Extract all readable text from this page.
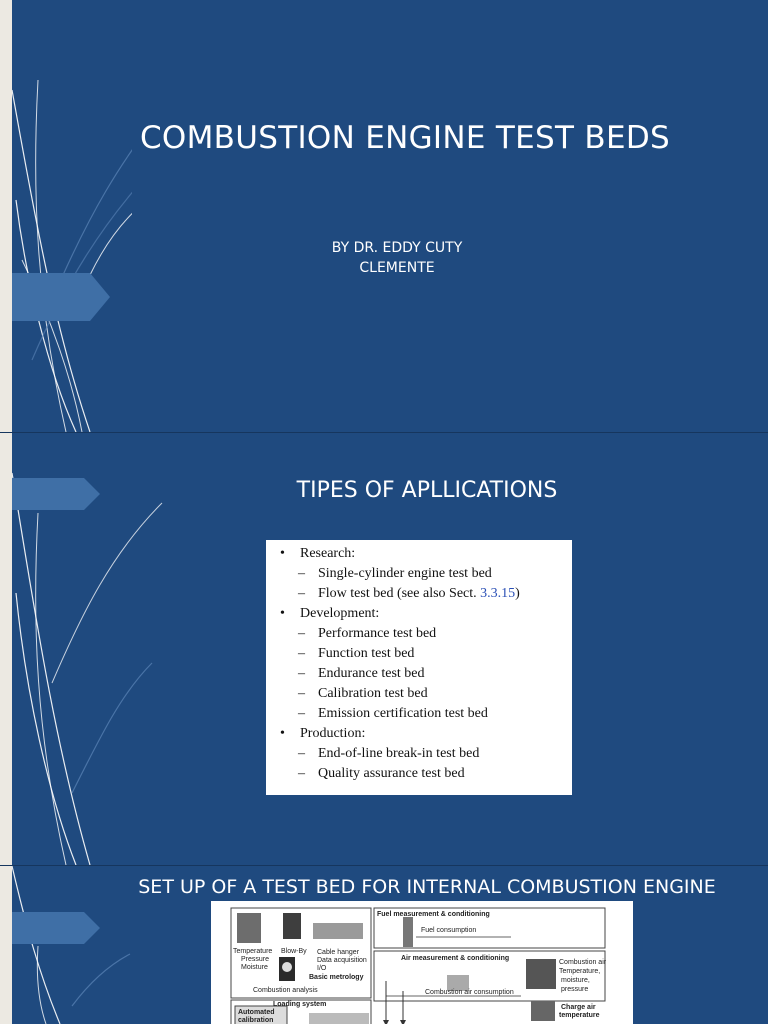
COMBUSTION ENGINE TEST BEDS
BY DR. EDDY CUTY
CLEMENTE
TIPES OF APLLICATIONS
• Research:
– Single-cylinder engine test bed
– Flow test bed (see also Sect. 3.3.15)
• Development:
– Performance test bed
– Function test bed
– Endurance test bed
– Calibration test bed
– Emission certification test bed
• Production:
– End-of-line break-in test bed
– Quality assurance test bed
SET UP OF A TEST BED FOR INTERNAL COMBUSTION ENGINE
Fuel measurement & conditioning
Fuel consumption
Air measurement & conditioning
Combustion air consumption
Combustion air
Temperature,
moisture,
pressure
Temperature
Pressure
Moisture
Blow-By Cable hanger
Data acquisition
I/O
Basic metrology
Combustion analysis
Loading system
Automated
calibration
Charge air
temperature
